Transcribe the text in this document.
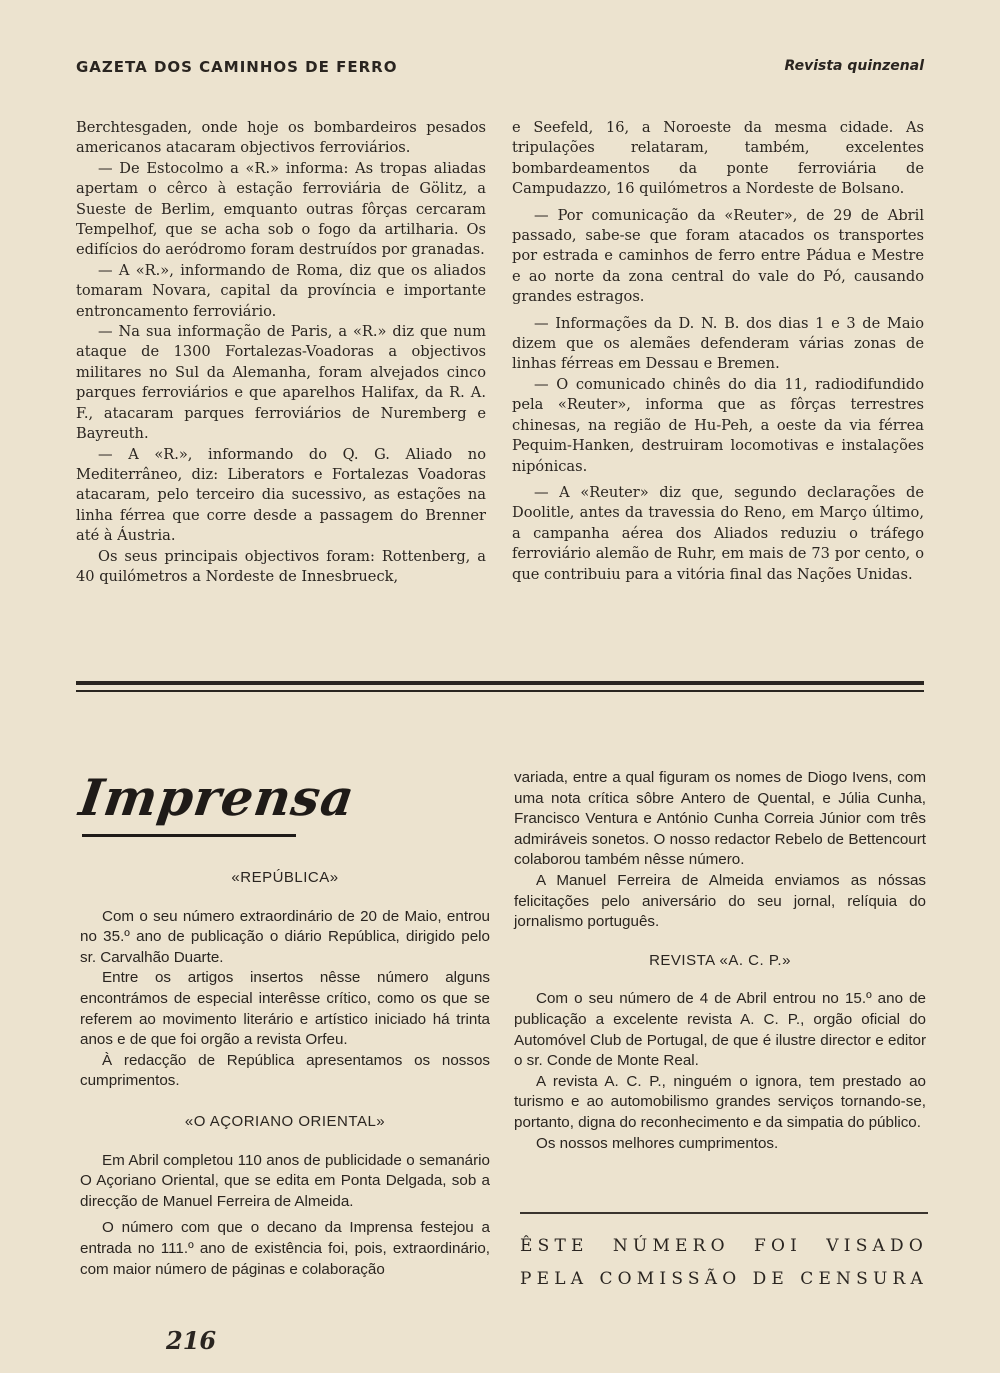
GAZETA DOS CAMINHOS DE FERRO	Revista quinzenal

Berchtesgaden, onde hoje os bombardeiros pesados americanos atacaram objectivos ferroviários.

— De Estocolmo a «R.» informa: As tropas aliadas apertam o cêrco à estação ferroviária de Gölitz, a Sueste de Berlim, emquanto outras fôrças cercaram Tempelhof, que se acha sob o fogo da artilharia. Os edifícios do aeródromo foram destruídos por granadas.

— A «R.», informando de Roma, diz que os aliados tomaram Novara, capital da província e importante entroncamento ferroviário.

— Na sua informação de Paris, a «R.» diz que num ataque de 1300 Fortalezas-Voadoras a objectivos militares no Sul da Alemanha, foram alvejados cinco parques ferroviários e que aparelhos Halifax, da R. A. F., atacaram parques ferroviários de Nuremberg e Bayreuth.

— A «R.», informando do Q. G. Aliado no Mediterrâneo, diz: Liberators e Fortalezas Voadoras atacaram, pelo terceiro dia sucessivo, as estações na linha férrea que corre desde a passagem do Brenner até à Áustria.

Os seus principais objectivos foram: Rottenberg, a 40 quilómetros a Nordeste de Innesbrueck,

e Seefeld, 16, a Noroeste da mesma cidade. As tripulações relataram, também, excelentes bombardeamentos da ponte ferroviária de Campudazzo, 16 quilómetros a Nordeste de Bolsano.

— Por comunicação da «Reuter», de 29 de Abril passado, sabe-se que foram atacados os transportes por estrada e caminhos de ferro entre Pádua e Mestre e ao norte da zona central do vale do Pó, causando grandes estragos.

— Informações da D. N. B. dos dias 1 e 3 de Maio dizem que os alemães defenderam várias zonas de linhas férreas em Dessau e Bremen.

— O comunicado chinês do dia 11, radiodifundido pela «Reuter», informa que as fôrças terrestres chinesas, na região de Hu-Peh, a oeste da via férrea Pequim-Hanken, destruiram locomotivas e instalações nipónicas.

— A «Reuter» diz que, segundo declarações de Doolitle, antes da travessia do Reno, em Março último, a campanha aérea dos Aliados reduziu o tráfego ferroviário alemão de Ruhr, em mais de 73 por cento, o que contribuiu para a vitória final das Nações Unidas.

Imprensa
«REPÚBLICA»

Com o seu número extraordinário de 20 de Maio, entrou no 35.º ano de publicação o diário República, dirigido pelo sr. Carvalhão Duarte.

Entre os artigos insertos nêsse número alguns encontrámos de especial interêsse crítico, como os que se referem ao movimento literário e artístico iniciado há trinta anos e de que foi orgão a revista Orfeu.

À redacção de República apresentamos os nossos cumprimentos.

«O AÇORIANO ORIENTAL»

Em Abril completou 110 anos de publicidade o semanário O Açoriano Oriental, que se edita em Ponta Delgada, sob a direcção de Manuel Ferreira de Almeida.

O número com que o decano da Imprensa festejou a entrada no 111.º ano de existência foi, pois, extraordinário, com maior número de páginas e colaboração

variada, entre a qual figuram os nomes de Diogo Ivens, com uma nota crítica sôbre Antero de Quental, e Júlia Cunha, Francisco Ventura e António Cunha Correia Júnior com três admiráveis sonetos. O nosso redactor Rebelo de Bettencourt colaborou também nêsse número.

A Manuel Ferreira de Almeida enviamos as nóssas felicitações pelo aniversário do seu jornal, relíquia do jornalismo português.

REVISTA «A. C. P.»

Com o seu número de 4 de Abril entrou no 15.º ano de publicação a excelente revista A. C. P., orgão oficial do Automóvel Club de Portugal, de que é ilustre director e editor o sr. Conde de Monte Real.

A revista A. C. P., ninguém o ignora, tem prestado ao turismo e ao automobilismo grandes serviços tornando-se, portanto, digna do reconhecimento e da simpatia do público.

Os nossos melhores cumprimentos.

ÊSTE NÚMERO FOI VISADO
PELA COMISSÃO DE CENSURA
216
